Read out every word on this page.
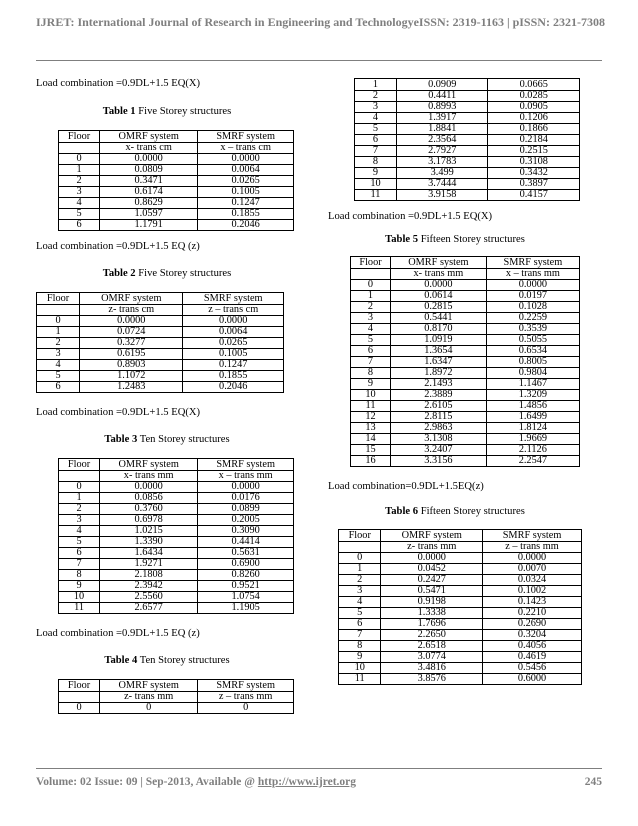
IJRET: International Journal of Research in Engineering and Technology eISSN: 2319-1163 | pISSN: 2321-7308

Load combination =0.9DL+1.5 EQ(X)

Table 1 Five Storey structures

Floor	OMRF system	SMRF system
	x- trans cm	x – trans cm
0	0.0000	0.0000
1	0.0809	0.0064
2	0.3471	0.0265
3	0.6174	0.1005
4	0.8629	0.1247
5	1.0597	0.1855
6	1.1791	0.2046

Load combination =0.9DL+1.5 EQ (z)

Table 2 Five Storey structures

Floor	OMRF system	SMRF system
	z- trans cm	z – trans cm
0	0.0000	0.0000
1	0.0724	0.0064
2	0.3277	0.0265
3	0.6195	0.1005
4	0.8903	0.1247
5	1.1072	0.1855
6	1.2483	0.2046

Load combination =0.9DL+1.5 EQ(X)

Table 3 Ten Storey structures

Floor	OMRF system	SMRF system
	x- trans mm	x – trans mm
0	0.0000	0.0000
1	0.0856	0.0176
2	0.3760	0.0899
3	0.6978	0.2005
4	1.0215	0.3090
5	1.3390	0.4414
6	1.6434	0.5631
7	1.9271	0.6900
8	2.1808	0.8260
9	2.3942	0.9521
10	2.5560	1.0754
11	2.6577	1.1905

Load combination =0.9DL+1.5 EQ (z)

Table 4 Ten Storey structures

Floor	OMRF system	SMRF system
	z- trans mm	z – trans mm
0	0	0
1	0.0909	0.0665
2	0.4411	0.0285
3	0.8993	0.0905
4	1.3917	0.1206
5	1.8841	0.1866
6	2.3564	0.2184
7	2.7927	0.2515
8	3.1783	0.3108
9	3.499	0.3432
10	3.7444	0.3897
11	3.9158	0.4157

Load combination =0.9DL+1.5 EQ(X)

Table 5 Fifteen Storey structures

Floor	OMRF system	SMRF system
	x- trans mm	x – trans mm
0	0.0000	0.0000
1	0.0614	0.0197
2	0.2815	0.1028
3	0.5441	0.2259
4	0.8170	0.3539
5	1.0919	0.5055
6	1.3654	0.6534
7	1.6347	0.8005
8	1.8972	0.9804
9	2.1493	1.1467
10	2.3889	1.3209
11	2.6105	1.4856
12	2.8115	1.6499
13	2.9863	1.8124
14	3.1308	1.9669
15	3.2407	2.1126
16	3.3156	2.2547

Load combination=0.9DL+1.5EQ(z)

Table 6 Fifteen Storey structures

Floor	OMRF system	SMRF system
	z- trans mm	z – trans mm
0	0.0000	0.0000
1	0.0452	0.0070
2	0.2427	0.0324
3	0.5471	0.1002
4	0.9198	0.1423
5	1.3338	0.2210
6	1.7696	0.2690
7	2.2650	0.3204
8	2.6518	0.4056
9	3.0774	0.4619
10	3.4816	0.5456
11	3.8576	0.6000
Volume: 02 Issue: 09 | Sep-2013, Available @ http://www.ijret.org	245
